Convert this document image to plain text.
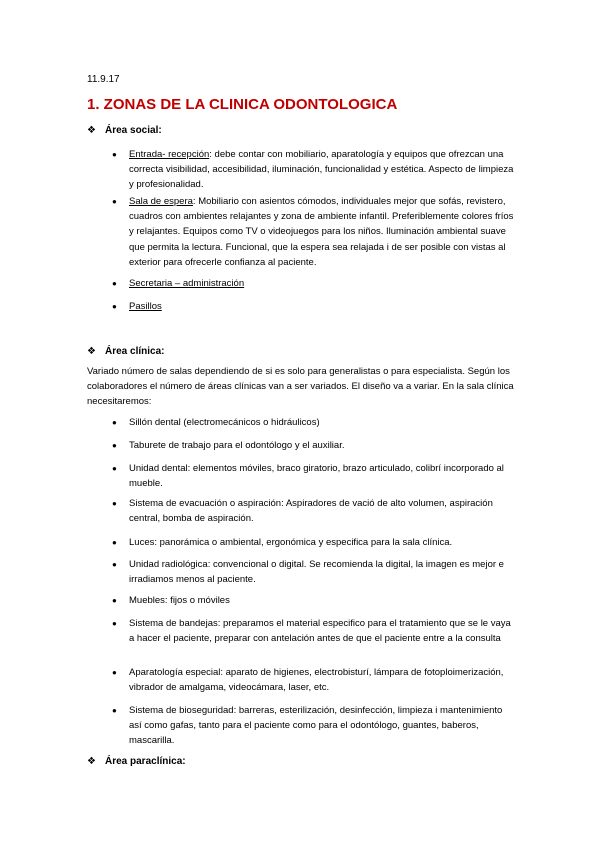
11.9.17
1. ZONAS DE LA CLINICA ODONTOLOGICA
❖ Área social:
●	Entrada- recepción: debe contar con mobiliario, aparatología y equipos que ofrezcan una correcta visibilidad, accesibilidad, iluminación, funcionalidad y estética. Aspecto de limpieza y profesionalidad.
●	Sala de espera: Mobiliario con asientos cómodos, individuales mejor que sofás, revistero, cuadros con ambientes relajantes y zona de ambiente infantil. Preferiblemente colores fríos y relajantes. Equipos como TV o videojuegos para los niños. Iluminación ambiental suave que permita la lectura. Funcional, que la espera sea relajada i de ser posible con vistas al exterior para ofrecerle confianza al paciente.
●	Secretaria – administración
●	Pasillos
❖ Área clínica:
Variado número de salas dependiendo de si es solo para generalistas o para especialista. Según los colaboradores el número de áreas clínicas van a ser variados. El diseño va a variar. En la sala clínica necesitaremos:
●	Sillón dental (electromecánicos o hidráulicos)
●	Taburete de trabajo para el odontólogo y el auxiliar.
●	Unidad dental: elementos móviles, braco giratorio, brazo articulado, colibrí incorporado al mueble.
●	Sistema de evacuación o aspiración: Aspiradores de vació de alto volumen, aspiración central, bomba de aspiración.
●	Luces: panorámica o ambiental, ergonómica y especifica para la sala clínica.
●	Unidad radiológica: convencional o digital. Se recomienda la digital, la imagen es mejor e irradiamos menos al paciente.
●	Muebles: fijos o móviles
●	Sistema de bandejas: preparamos el material especifico para el tratamiento que se le vaya a hacer el paciente, preparar con antelación antes de que el paciente entre a la consulta
●	Aparatología especial: aparato de higienes, electrobisturí, lámpara de fotoploimerización, vibrador de amalgama, videocámara, laser, etc.
●	Sistema de bioseguridad: barreras, esterilización, desinfección, limpieza i mantenimiento así como gafas, tanto para el paciente como para el odontólogo, guantes, baberos, mascarilla.
❖ Área paraclínica:
